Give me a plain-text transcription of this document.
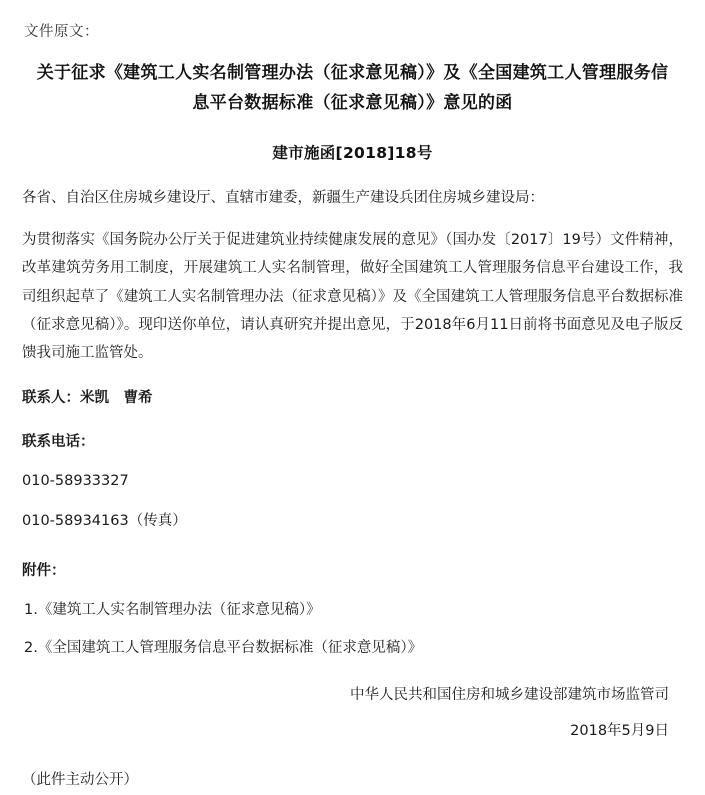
文件原文：
关于征求《建筑工人实名制管理办法（征求意见稿）》及《全国建筑工人管理服务信息平台数据标准（征求意见稿）》意见的函
建市施函[2018]18号
各省、自治区住房城乡建设厅、直辖市建委，新疆生产建设兵团住房城乡建设局：
为贯彻落实《国务院办公厅关于促进建筑业持续健康发展的意见》（国办发〔2017〕19号）文件精神，改革建筑劳务用工制度，开展建筑工人实名制管理，做好全国建筑工人管理服务信息平台建设工作，我司组织起草了《建筑工人实名制管理办法（征求意见稿）》及《全国建筑工人管理服务信息平台数据标准（征求意见稿）》。现印送你单位，请认真研究并提出意见，于2018年6月11日前将书面意见及电子版反馈我司施工监管处。
联系人：米凯　曹希
联系电话：
010-58933327
010-58934163（传真）
附件：
1.《建筑工人实名制管理办法（征求意见稿）》
2.《全国建筑工人管理服务信息平台数据标准（征求意见稿）》
中华人民共和国住房和城乡建设部建筑市场监管司
2018年5月9日
（此件主动公开）
